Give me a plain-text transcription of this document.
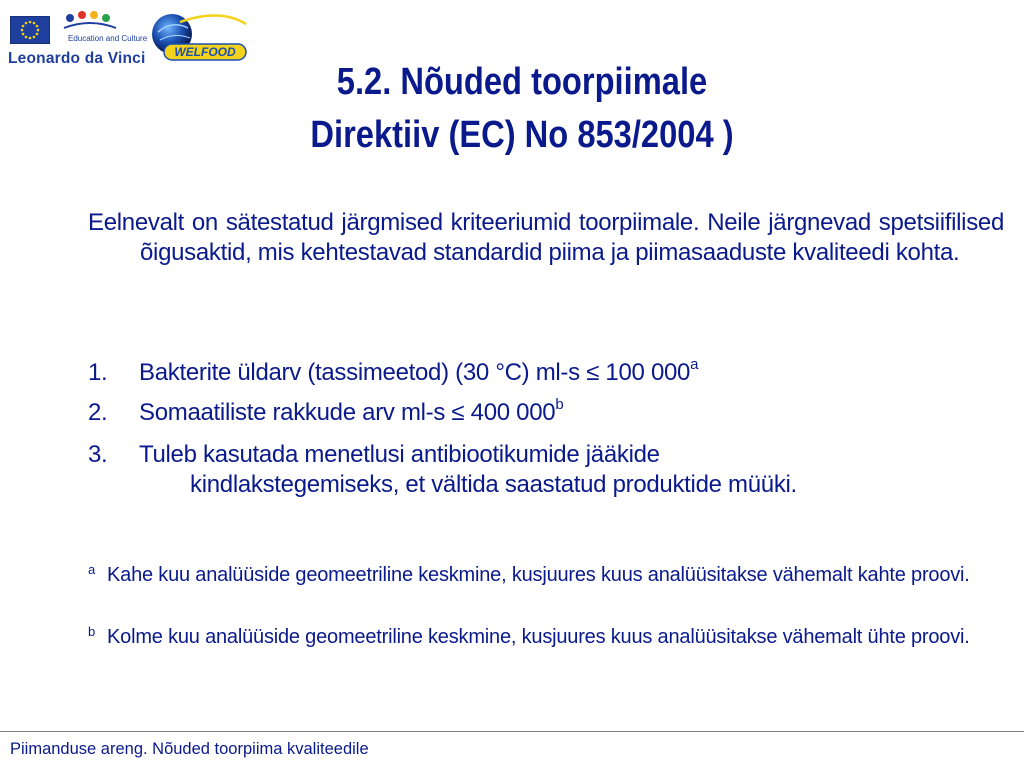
Education and Culture
Leonardo da Vinci WELFOOD
5.2. Nõuded toorpiimale
Direktiiv (EC) No 853/2004 )
Eelnevalt on sätestatud järgmised kriteeriumid toorpiimale. Neile järgnevad spetsiifilised õigusaktid, mis kehtestavad standardid piima ja piimasaaduste kvaliteedi kohta.
1. Bakterite üldarv (tassimeetod) (30 °C) ml-s ≤ 100 000$^a$
2. Somaatiliste rakkude arv ml-s ≤ 400 000$^b$
3. Tuleb kasutada menetlusi antibiootikumide jääkide
kindlakstegemiseks, et vältida saastatud produktide müüki.
$^a$ Kahe kuu analüüside geomeetriline keskmine, kusjuures kuus analüüsitakse vähemalt kahte proovi.
$^b$ Kolme kuu analüüside geomeetriline keskmine, kusjuures kuus analüüsitakse vähemalt ühte proovi.
Piimanduse areng. Nõuded toorpiima kvaliteedile
